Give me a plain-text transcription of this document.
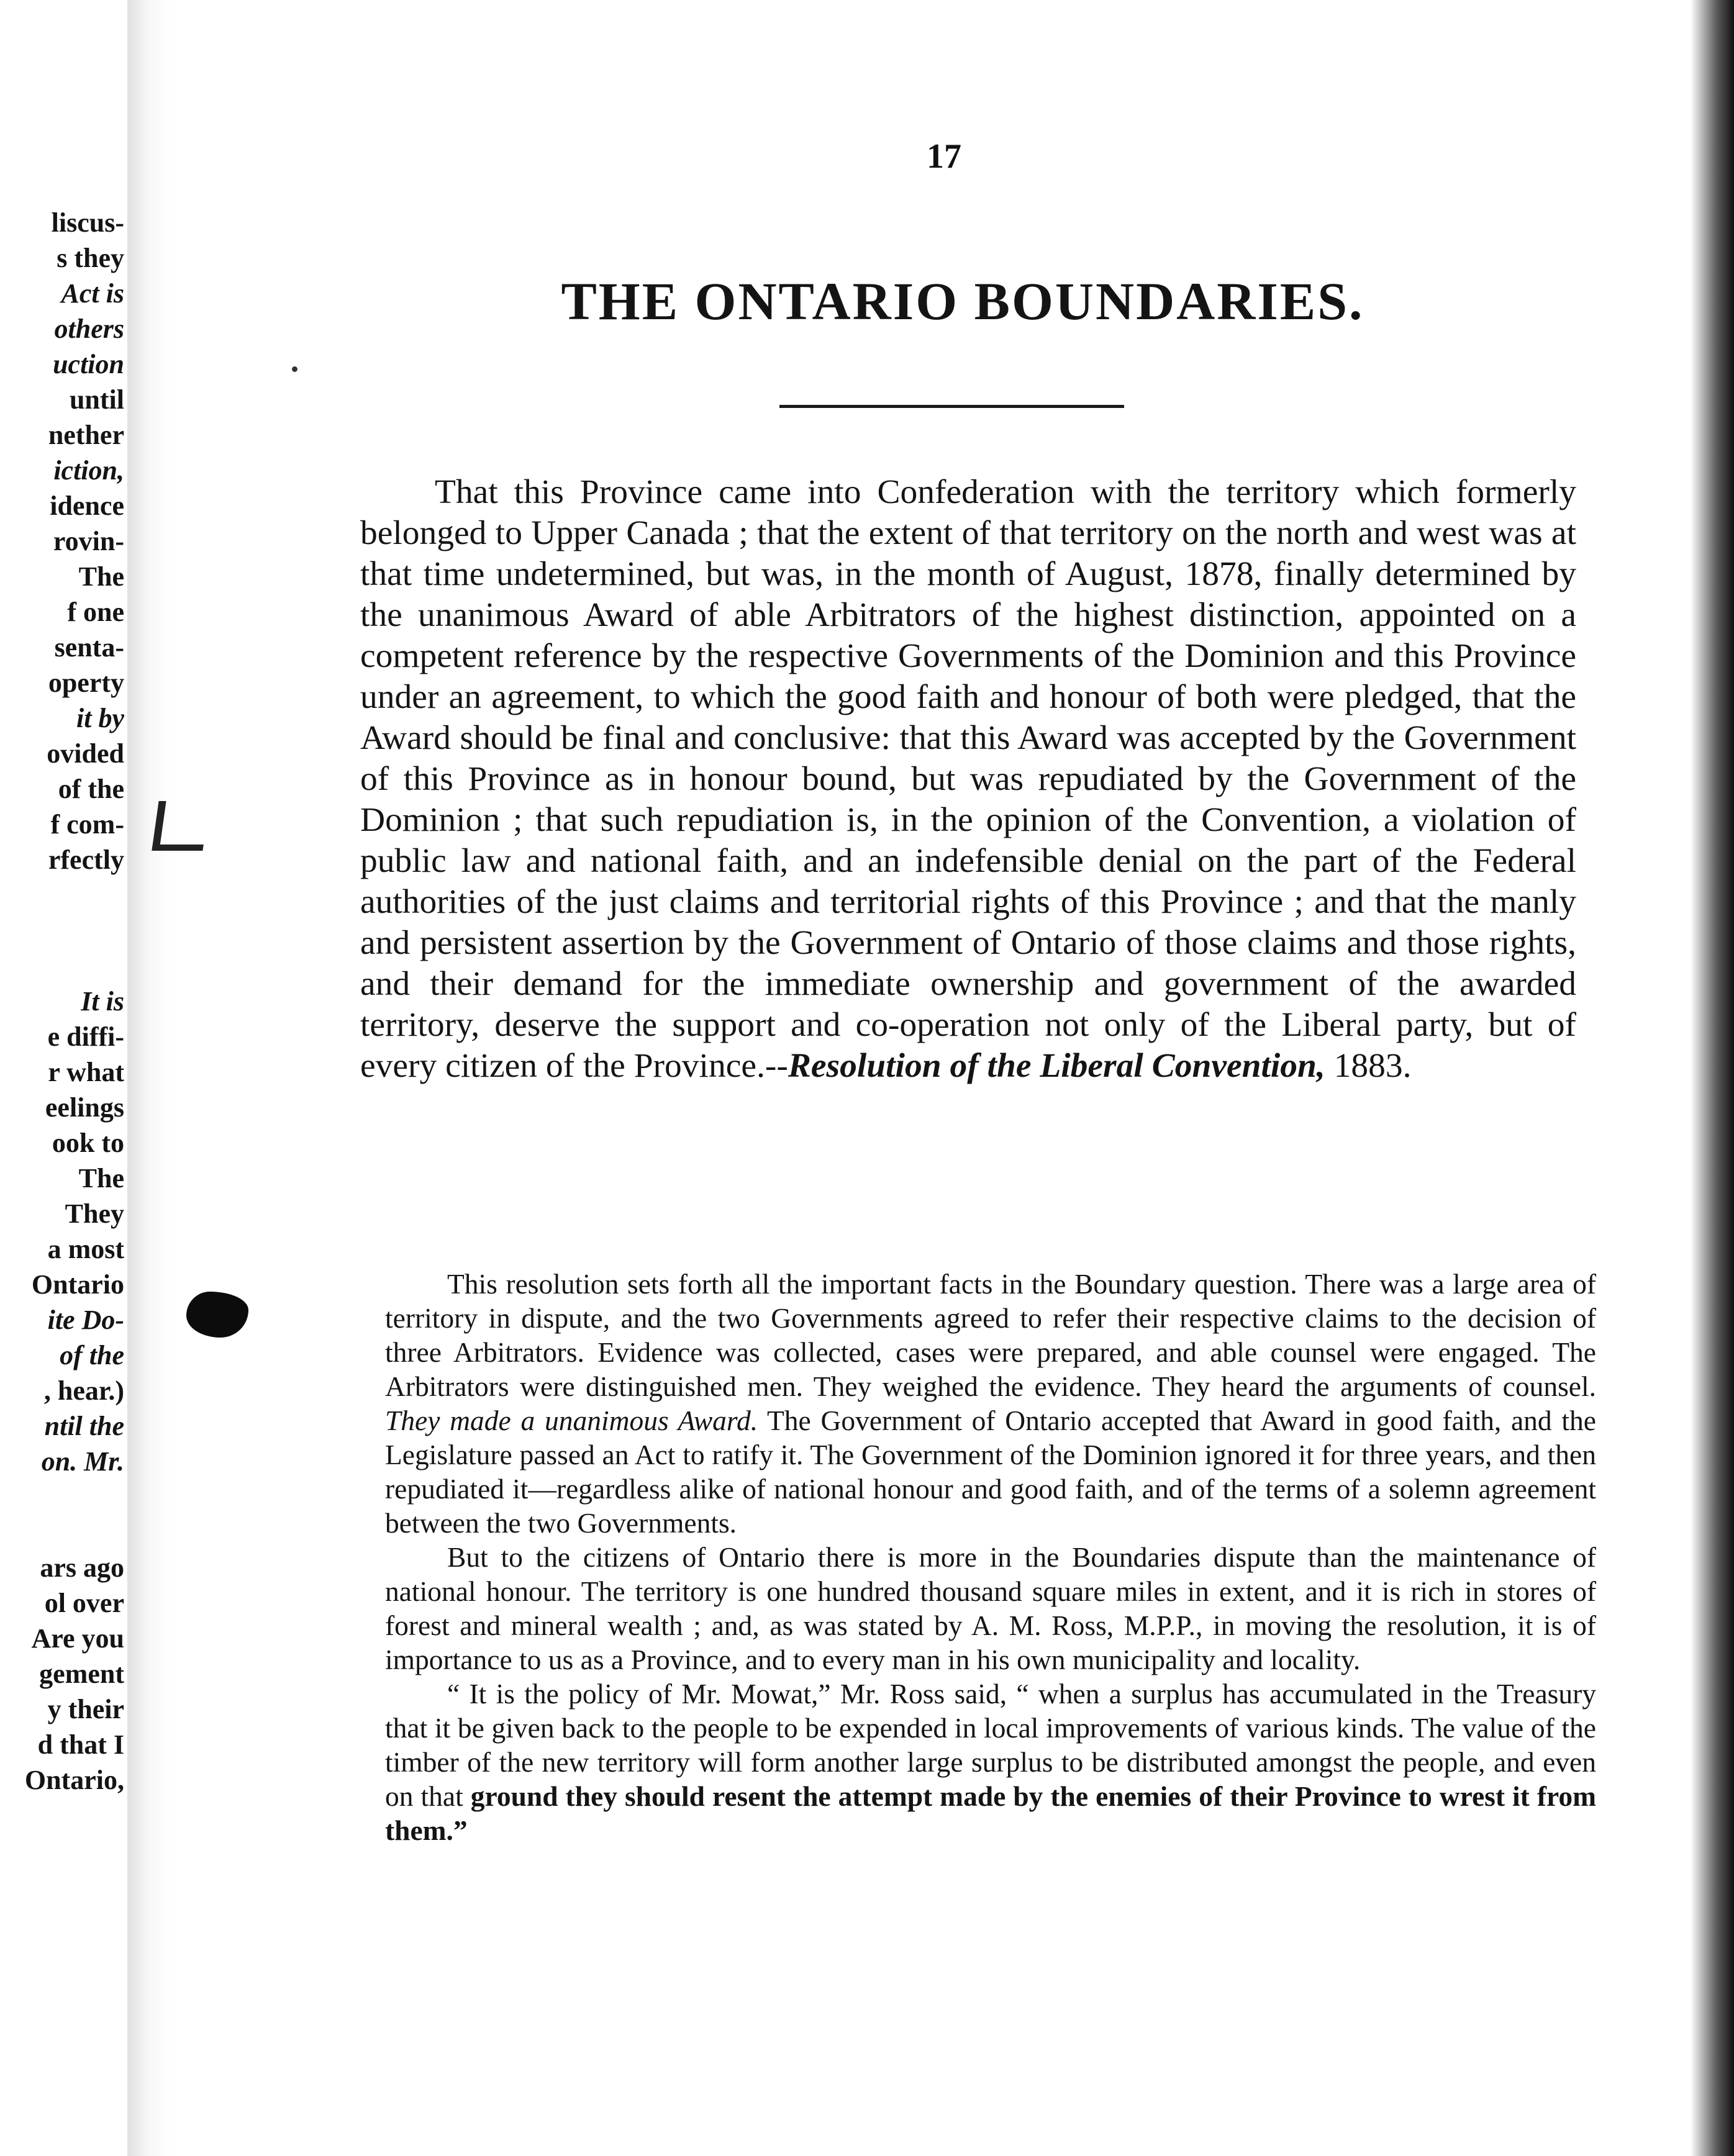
liscus-
s they
Act is
others
uction
until
nether
iction,
idence
rovin-
The
f one
senta-
operty
it by
ovided
of the
f com-
rfectly
It is
e diffi-
r what
eelings
ook to
The
They
a most
Ontario
ite Do-
of the
, hear.)
ntil the
on. Mr.
ars ago
ol over
Are you
gement
y their
d that I
Ontario,
17
THE ONTARIO BOUNDARIES.

That this Province came into Confederation with the territory which formerly belonged to Upper Canada ; that the extent of that territory on the north and west was at that time undetermined, but was, in the month of August, 1878, finally determined by the unanimous Award of able Arbitrators of the highest distinction, appointed on a competent reference by the respective Governments of the Dominion and this Province under an agreement, to which the good faith and honour of both were pledged, that the Award should be final and conclusive: that this Award was accepted by the Government of this Province as in honour bound, but was repudiated by the Government of the Dominion ; that such repudiation is, in the opinion of the Convention, a violation of public law and national faith, and an indefensible denial on the part of the Federal authorities of the just claims and territorial rights of this Province ; and that the manly and persistent assertion by the Government of Ontario of those claims and those rights, and their demand for the immediate ownership and government of the awarded territory, deserve the support and co-operation not only of the Liberal party, but of every citizen of the Province.--Resolution of the Liberal Convention, 1883.

This resolution sets forth all the important facts in the Boundary question. There was a large area of territory in dispute, and the two Governments agreed to refer their respective claims to the decision of three Arbitrators. Evidence was collected, cases were prepared, and able counsel were engaged. The Arbitrators were distinguished men. They weighed the evidence. They heard the arguments of counsel. They made a unanimous Award. The Government of Ontario accepted that Award in good faith, and the Legislature passed an Act to ratify it. The Government of the Dominion ignored it for three years, and then repudiated it—regardless alike of national honour and good faith, and of the terms of a solemn agreement between the two Governments.

But to the citizens of Ontario there is more in the Boundaries dispute than the maintenance of national honour. The territory is one hundred thousand square miles in extent, and it is rich in stores of forest and mineral wealth ; and, as was stated by A. M. Ross, M.P.P., in moving the resolution, it is of importance to us as a Province, and to every man in his own municipality and locality.

“ It is the policy of Mr. Mowat,” Mr. Ross said, “ when a surplus has accumulated in the Treasury that it be given back to the people to be expended in local improvements of various kinds. The value of the timber of the new territory will form another large surplus to be distributed amongst the people, and even on that ground they should resent the attempt made by the enemies of their Province to wrest it from them.”
